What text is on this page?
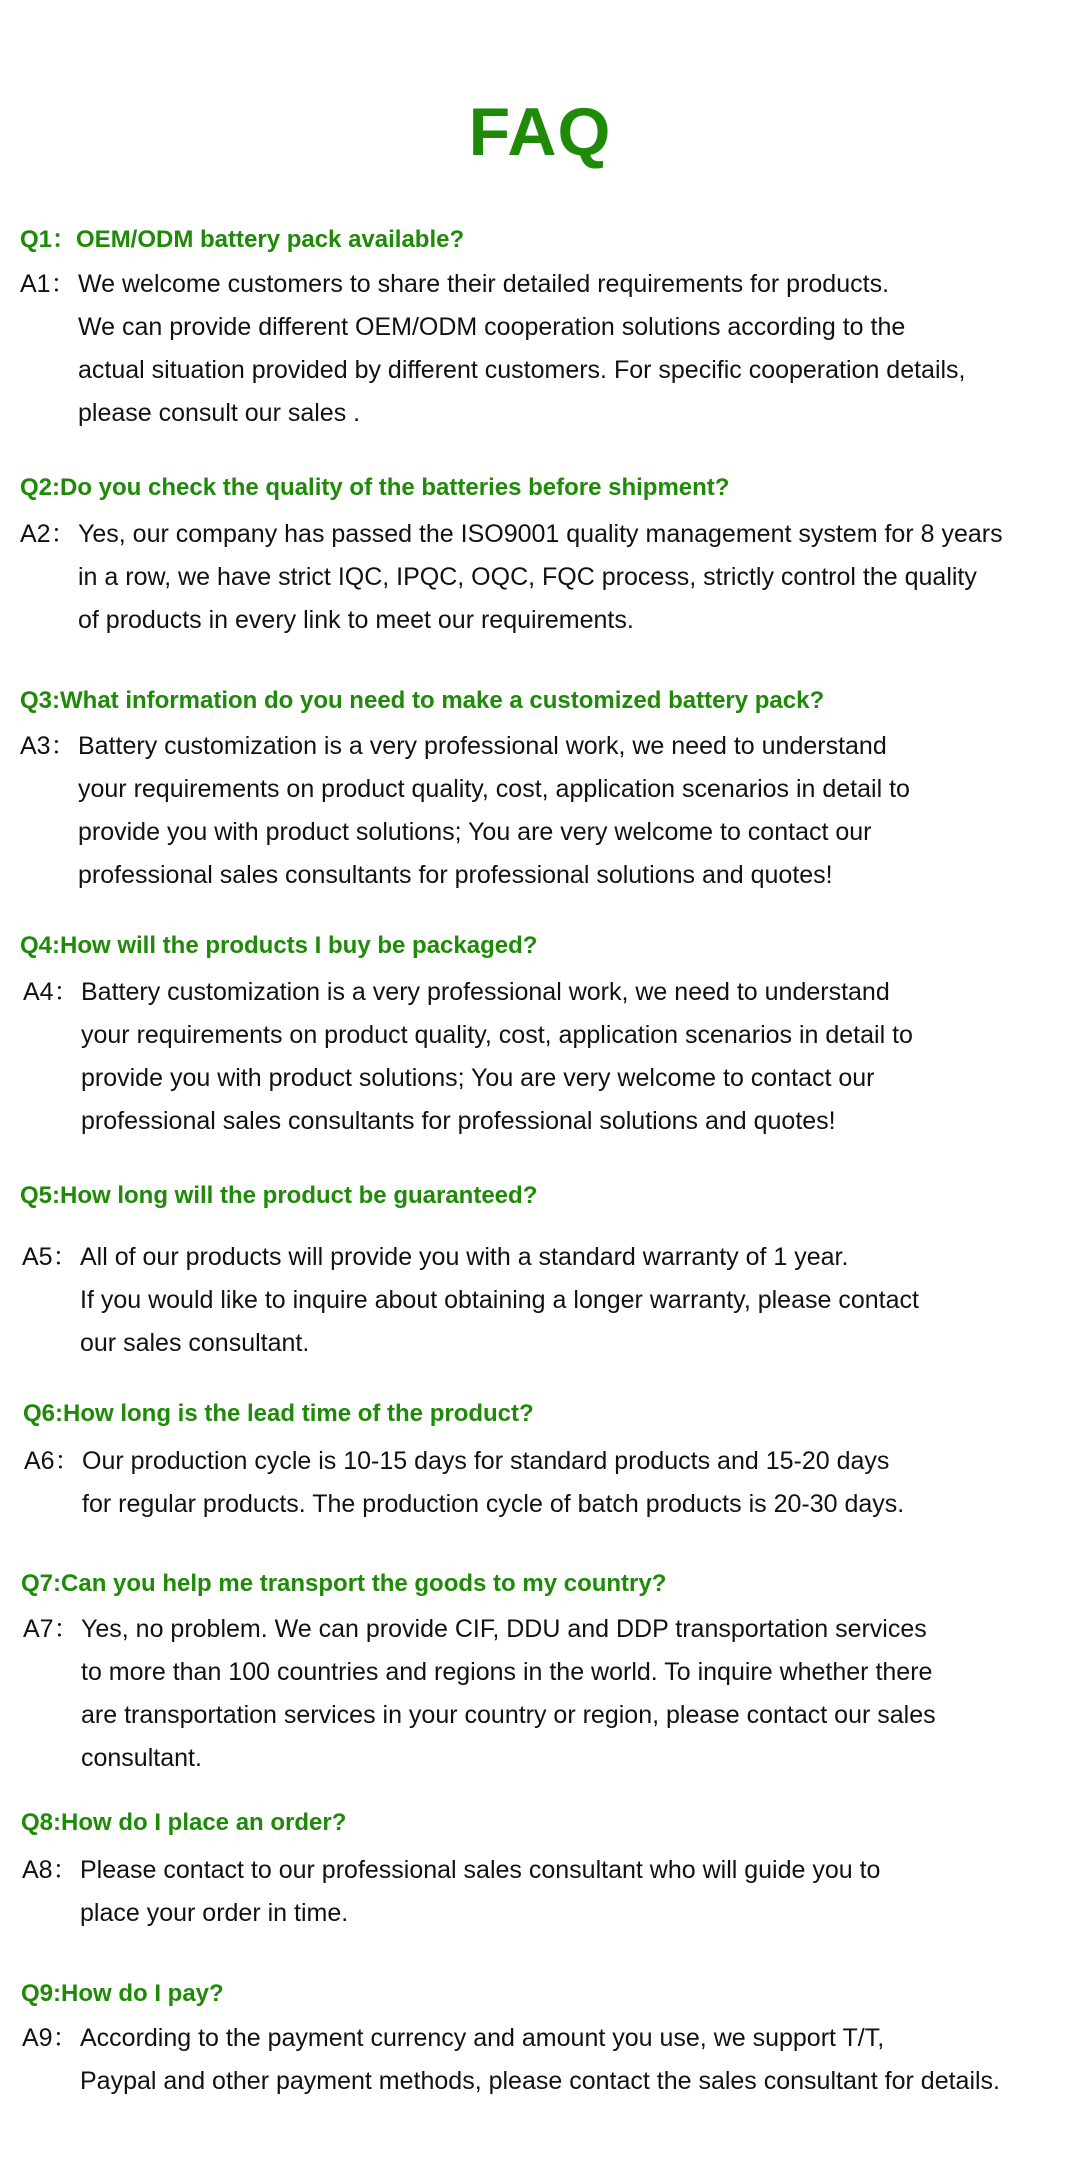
FAQ
Q1：OEM/ODM battery pack available?
A1：We welcome customers to share their detailed requirements for products.
We can provide different OEM/ODM cooperation solutions according to the
actual situation provided by different customers. For specific cooperation details,
please consult our sales .
Q2:Do you check the quality of the batteries before shipment?
A2：Yes, our company has passed the ISO9001 quality management system for 8 years
in a row, we have strict IQC, IPQC, OQC, FQC process, strictly control the quality
of products in every link to meet our requirements.
Q3:What information do you need to make a customized battery pack?
A3：Battery customization is a very professional work, we need to understand
your requirements on product quality, cost, application scenarios in detail to
provide you with product solutions; You are very welcome to contact our
professional sales consultants for professional solutions and quotes!
Q4:How will the products I buy be packaged?
A4：Battery customization is a very professional work, we need to understand
your requirements on product quality, cost, application scenarios in detail to
provide you with product solutions; You are very welcome to contact our
professional sales consultants for professional solutions and quotes!
Q5:How long will the product be guaranteed?
A5：All of our products will provide you with a standard warranty of 1 year.
If you would like to inquire about obtaining a longer warranty, please contact
our sales consultant.
Q6:How long is the lead time of the product?
A6：Our production cycle is 10-15 days for standard products and 15-20 days
for regular products. The production cycle of batch products is 20-30 days.
Q7:Can you help me transport the goods to my country?
A7：Yes, no problem. We can provide CIF, DDU and DDP transportation services
to more than 100 countries and regions in the world. To inquire whether there
are transportation services in your country or region, please contact our sales
consultant.
Q8:How do I place an order?
A8：Please contact to our professional sales consultant who will guide you to
place your order in time.
Q9:How do I pay?
A9：According to the payment currency and amount you use, we support T/T,
Paypal and other payment methods, please contact the sales consultant for details.
